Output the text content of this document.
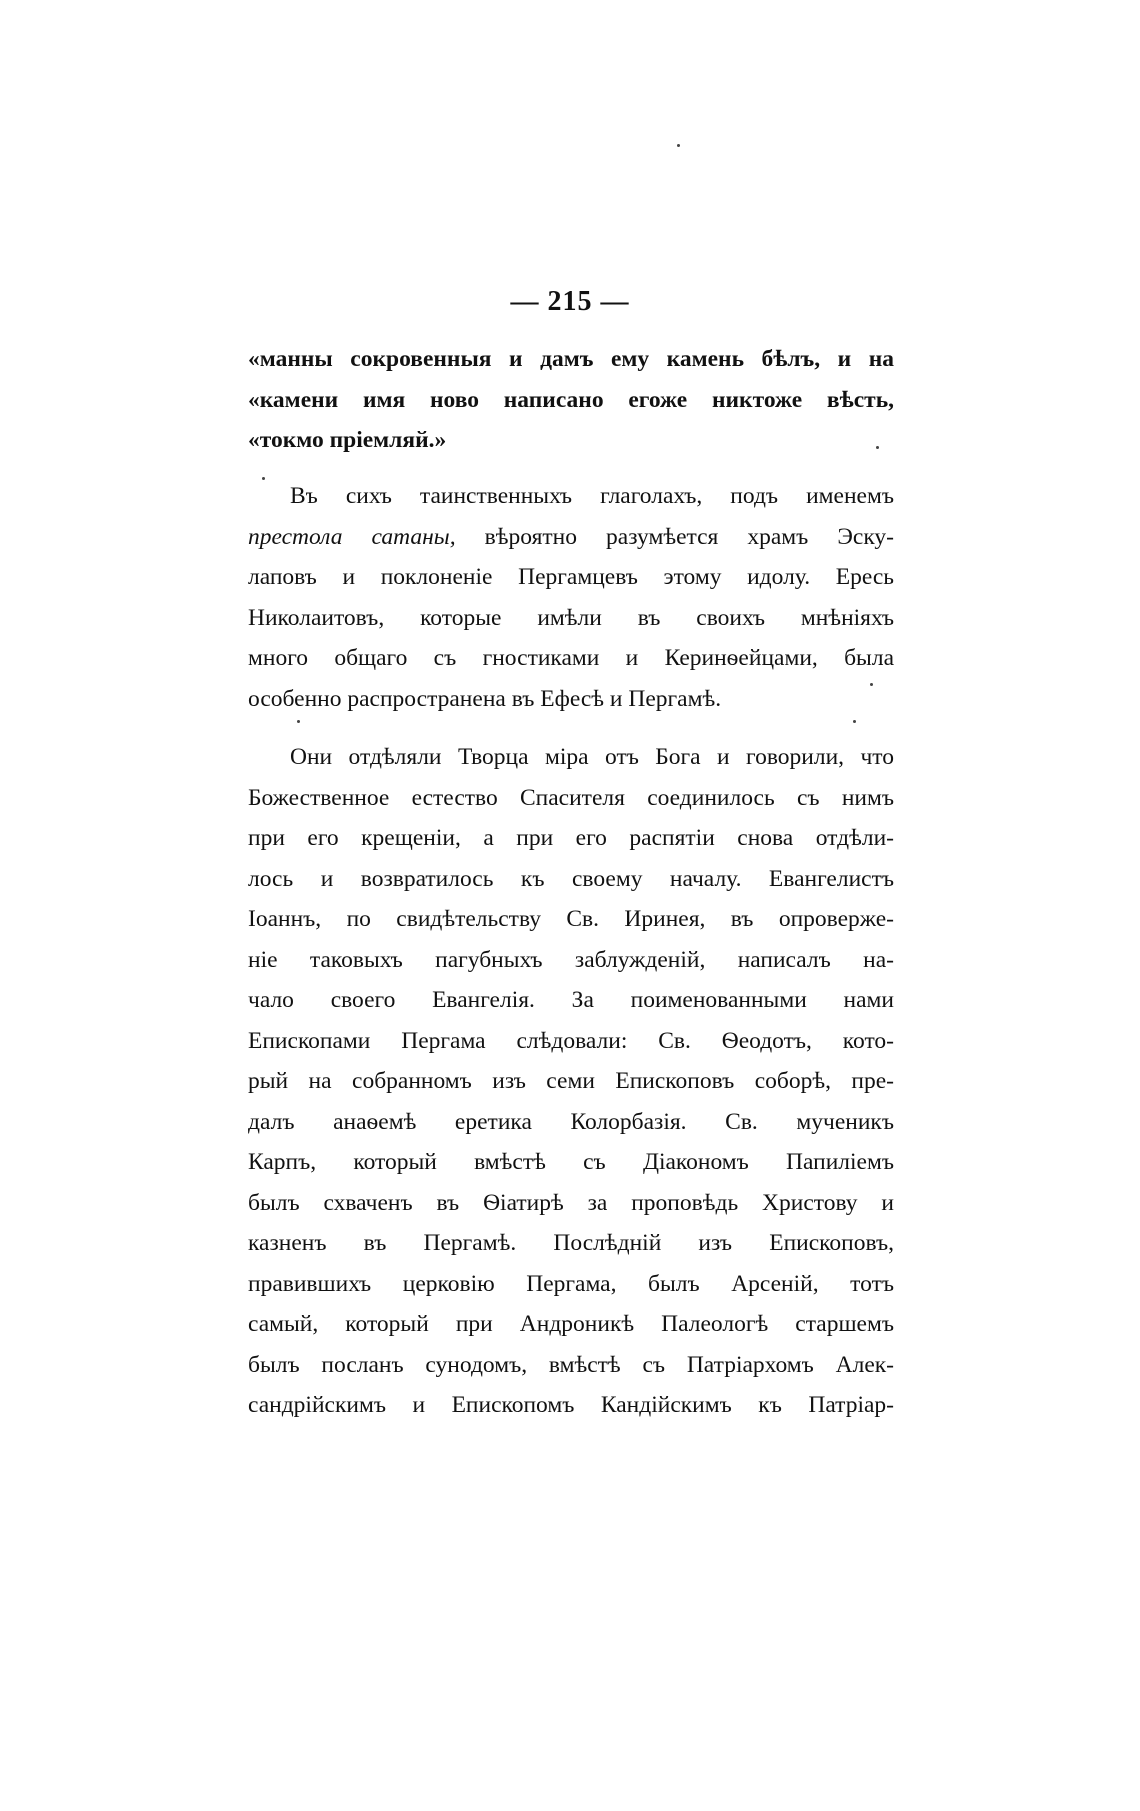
— 215 —
«манны сокровенныя и дамъ ему камень бѣлъ, и на
«камени имя ново написано егоже никтоже вѣсть,
«токмо пріемляй.»
Въ сихъ таинственныхъ глаголахъ, подъ именемъ
престола сатаны, вѣроятно разумѣется храмъ Эску-
лаповъ и поклоненіе Пергамцевъ этому идолу. Ересь
Николаитовъ, которые имѣли въ своихъ мнѣніяхъ
много общаго съ гностиками и Керинѳейцами, была
особенно распространена въ Ефесѣ и Пергамѣ.
Они отдѣляли Творца міра отъ Бога и говорили, что
Божественное естество Спасителя соединилось съ нимъ
при его крещеніи, а при его распятіи снова отдѣли-
лось и возвратилось къ своему началу. Евангелистъ
Іоаннъ, по свидѣтельству Св. Иринея, въ опроверже-
ніе таковыхъ пагубныхъ заблужденій, написалъ на-
чало своего Евангелія. За поименованными нами
Епископами Пергама слѣдовали: Св. Ѳеодотъ, кото-
рый на собранномъ изъ семи Епископовъ соборѣ, пре-
далъ анаѳемѣ еретика Колорбазія. Св. мученикъ
Карпъ, который вмѣстѣ съ Діакономъ Папиліемъ
былъ схваченъ въ Ѳіатирѣ за проповѣдь Христову и
казненъ въ Пергамѣ. Послѣдній изъ Епископовъ,
правившихъ церковію Пергама, былъ Арсеній, тотъ
самый, который при Андроникѣ Палеологѣ старшемъ
былъ посланъ сунодомъ, вмѣстѣ съ Патріархомъ Алек-
сандрійскимъ и Епископомъ Кандійскимъ къ Патріар-
